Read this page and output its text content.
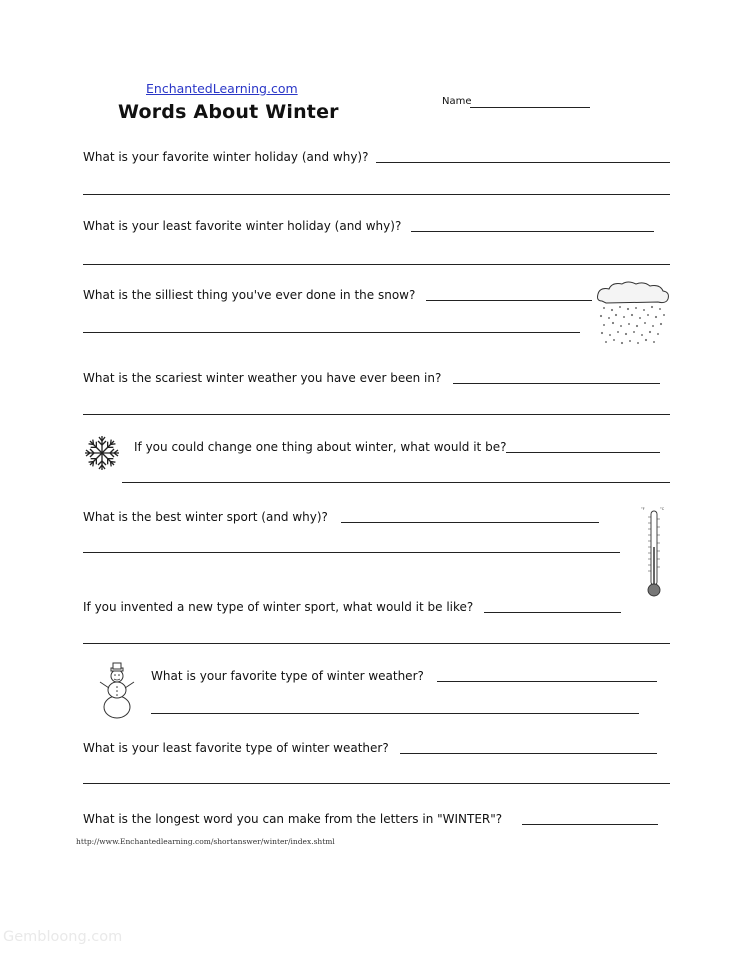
EnchantedLearning.com
Words About Winter	Name
What is your favorite winter holiday (and why)?
What is your least favorite winter holiday (and why)?
What is the silliest thing you've ever done in the snow?
What is the scariest winter weather you have ever been in?
If you could change one thing about winter, what would it be?
What is the best winter sport (and why)?
°F	°C
If you invented a new type of winter sport, what would it be like?
What is your favorite type of winter weather?
What is your least favorite type of winter weather?
What is the longest word you can make from the letters in "WINTER"?
http://www.Enchantedlearning.com/shortanswer/winter/index.shtml
Gembloong.com
